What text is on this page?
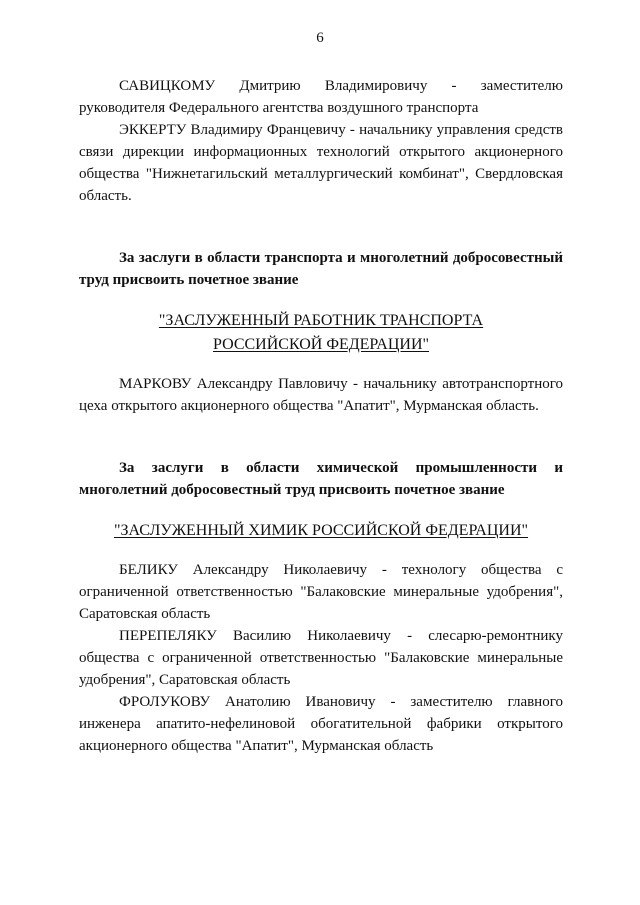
6

САВИЦКОМУ Дмитрию Владимировичу - заместителю руководителя Федерального агентства воздушного транспорта

ЭККЕРТУ Владимиру Францевичу - начальнику управления средств связи дирекции информационных технологий открытого акционерного общества "Нижнетагильский металлургический комбинат", Свердловская область.

За заслуги в области транспорта и многолетний добросовестный труд присвоить почетное звание

"ЗАСЛУЖЕННЫЙ РАБОТНИК ТРАНСПОРТА

РОССИЙСКОЙ ФЕДЕРАЦИИ"

МАРКОВУ Александру Павловичу - начальнику автотранспортного цеха открытого акционерного общества "Апатит", Мурманская область.

За заслуги в области химической промышленности и многолетний добросовестный труд присвоить почетное звание

"ЗАСЛУЖЕННЫЙ ХИМИК РОССИЙСКОЙ ФЕДЕРАЦИИ"

БЕЛИКУ Александру Николаевичу - технологу общества с ограниченной ответственностью "Балаковские минеральные удобрения", Саратовская область

ПЕРЕПЕЛЯКУ Василию Николаевичу - слесарю-ремонтнику общества с ограниченной ответственностью "Балаковские минеральные удобрения", Саратовская область

ФРОЛУКОВУ Анатолию Ивановичу - заместителю главного инженера апатито-нефелиновой обогатительной фабрики открытого акционерного общества "Апатит", Мурманская область
